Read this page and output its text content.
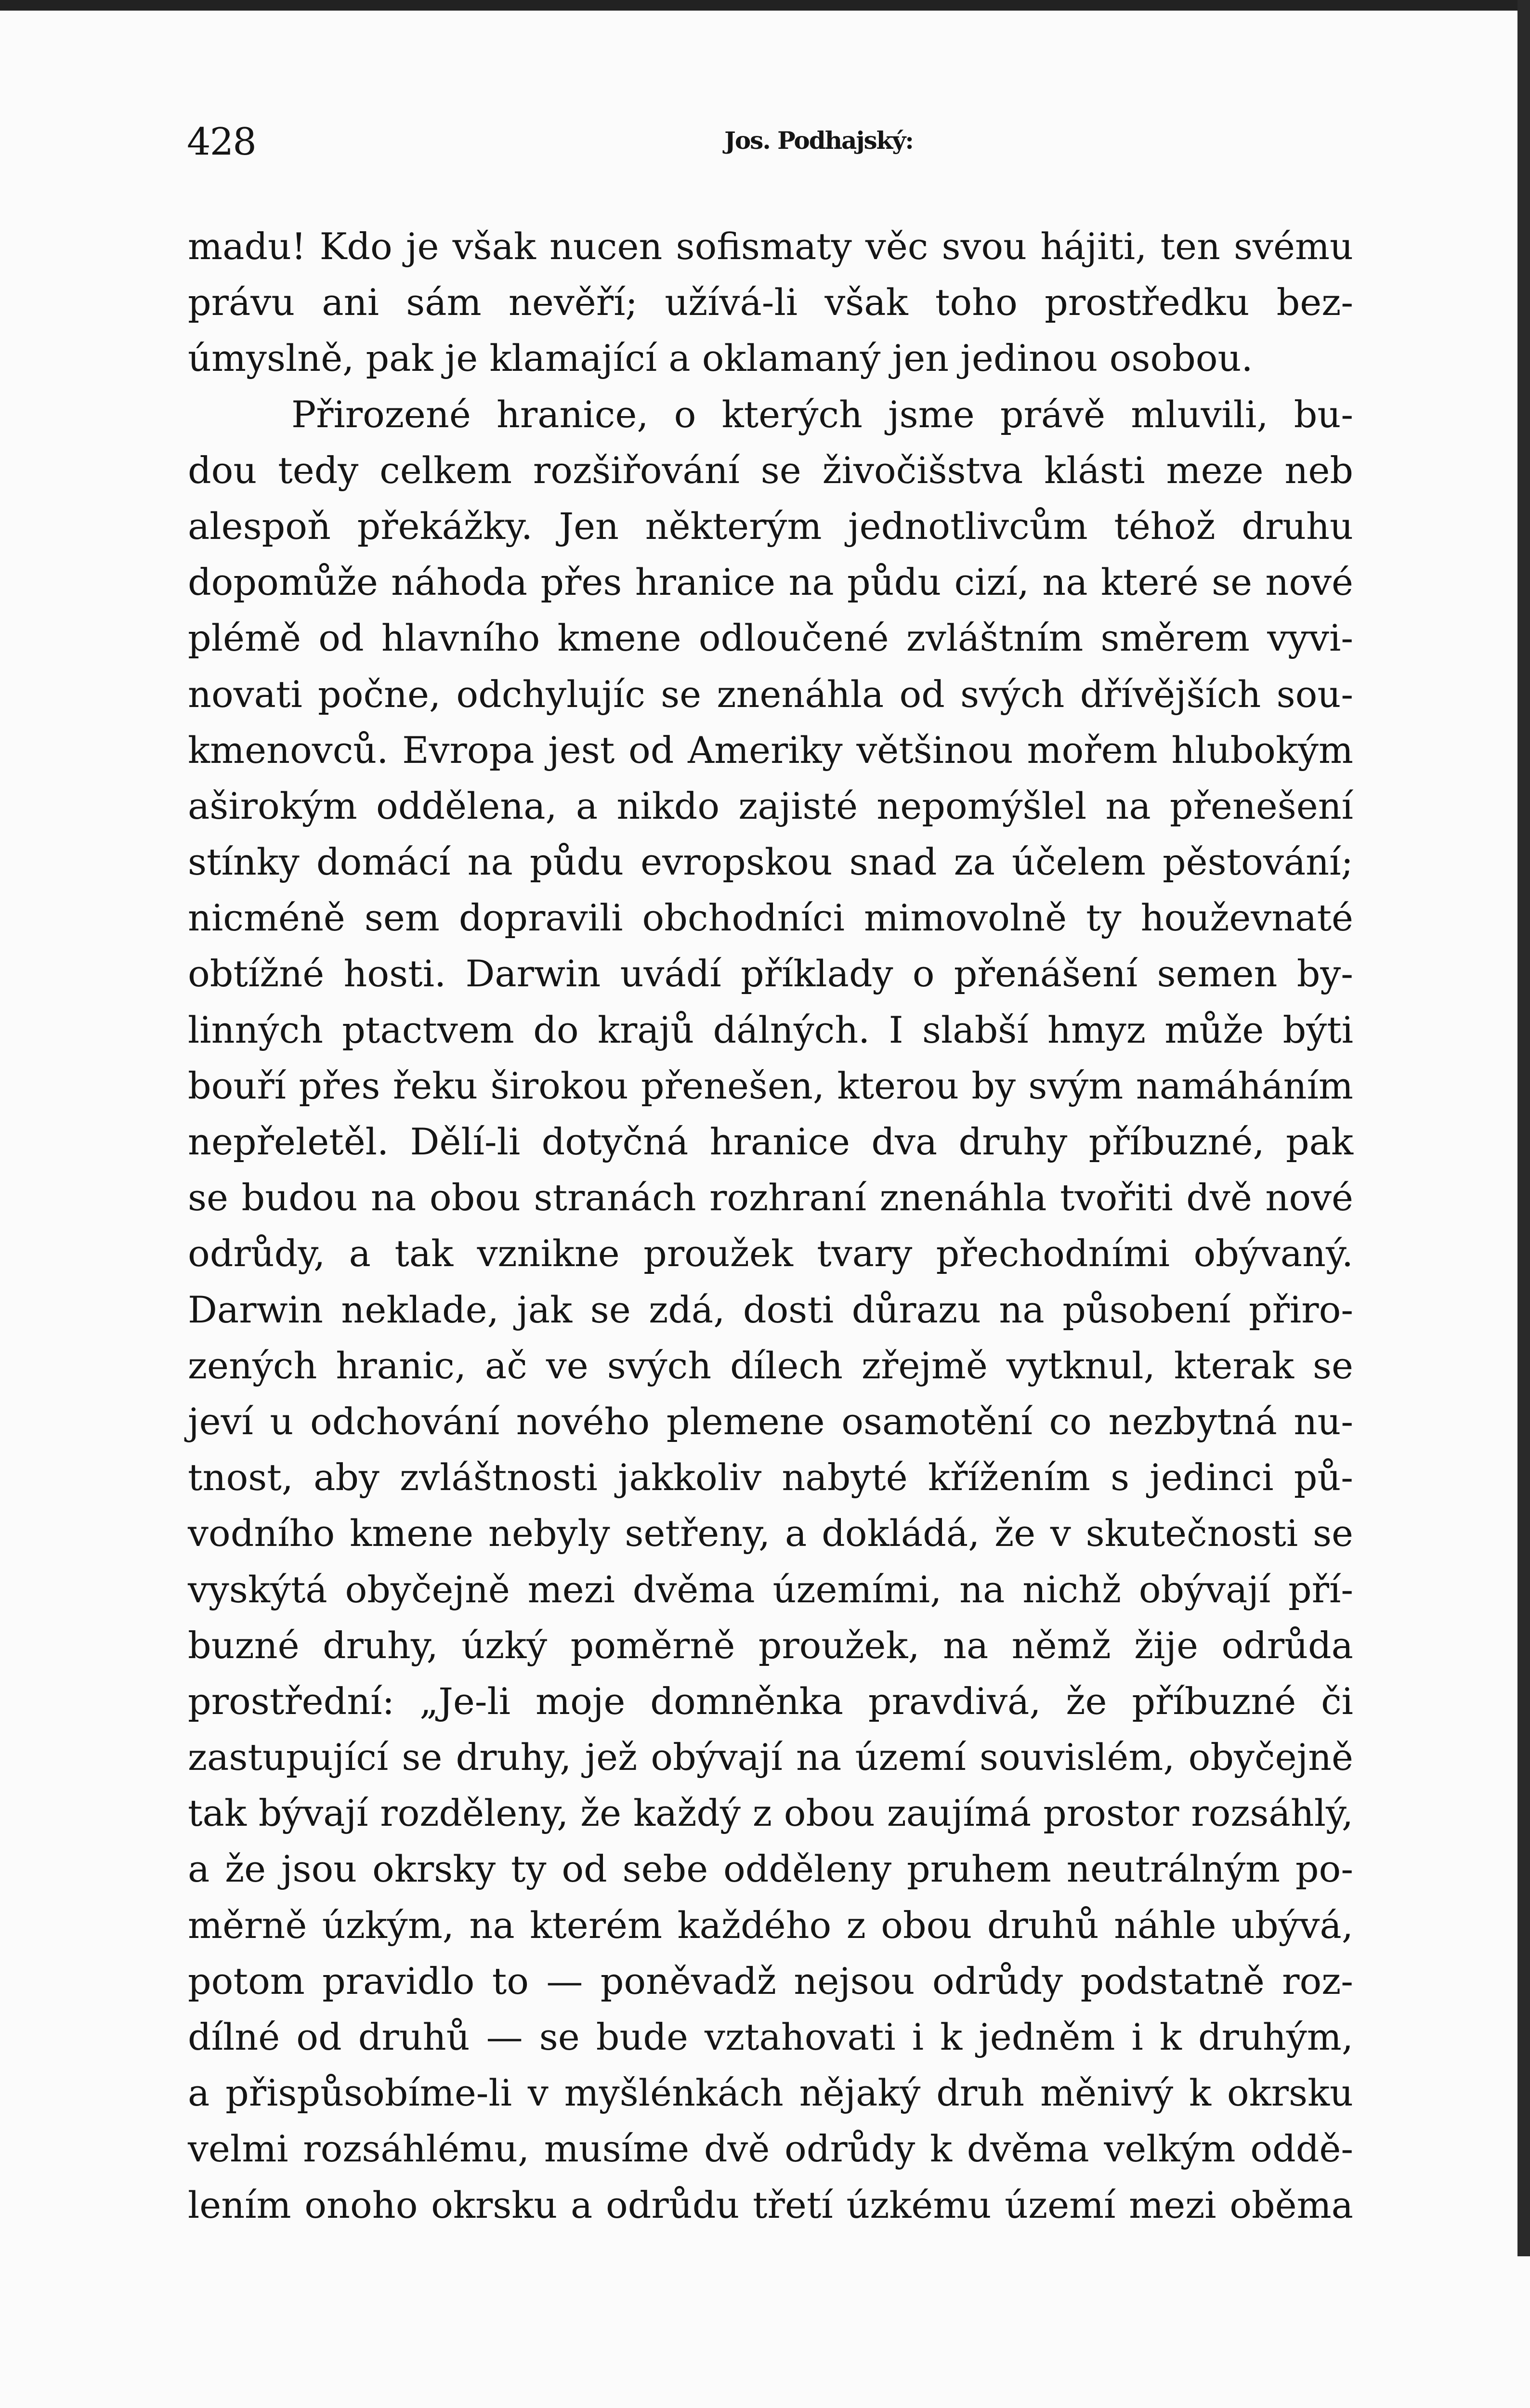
428	Jos. Podhajský:
madu! Kdo je však nucen sofismaty věc svou hájiti, ten svému
právu ani sám nevěří; užívá-li však toho prostředku bez-
úmyslně, pak je klamající a oklamaný jen jedinou osobou.
Přirozené hranice, o kterých jsme právě mluvili, bu-
dou tedy celkem rozšiřování se živočišstva klásti meze neb
alespoň překážky. Jen některým jednotlivcům téhož druhu
dopomůže náhoda přes hranice na půdu cizí, na které se nové
plémě od hlavního kmene odloučené zvláštním směrem vyvi-
novati počne, odchylujíc se znenáhla od svých dřívějších sou-
kmenovců. Evropa jest od Ameriky většinou mořem hlubokým
aširokým oddělena, a nikdo zajisté nepomýšlel na přenešení
stínky domácí na půdu evropskou snad za účelem pěstování;
nicméně sem dopravili obchodníci mimovolně ty houževnaté
obtížné hosti. Darwin uvádí příklady o přenášení semen by-
linných ptactvem do krajů dálných. I slabší hmyz může býti
bouří přes řeku širokou přenešen, kterou by svým namáháním
nepřeletěl. Dělí-li dotyčná hranice dva druhy příbuzné, pak
se budou na obou stranách rozhraní znenáhla tvořiti dvě nové
odrůdy, a tak vznikne proužek tvary přechodními obývaný.
Darwin neklade, jak se zdá, dosti důrazu na působení přiro-
zených hranic, ač ve svých dílech zřejmě vytknul, kterak se
jeví u odchování nového plemene osamotění co nezbytná nu-
tnost, aby zvláštnosti jakkoliv nabyté křížením s jedinci pů-
vodního kmene nebyly setřeny, a dokládá, že v skutečnosti se
vyskýtá obyčejně mezi dvěma územími, na nichž obývají pří-
buzné druhy, úzký poměrně proužek, na němž žije odrůda
prostřední: „Je-li moje domněnka pravdivá, že příbuzné či
zastupující se druhy, jež obývají na území souvislém, obyčejně
tak bývají rozděleny, že každý z obou zaujímá prostor rozsáhlý,
a že jsou okrsky ty od sebe odděleny pruhem neutrálným po-
měrně úzkým, na kterém každého z obou druhů náhle ubývá,
potom pravidlo to — poněvadž nejsou odrůdy podstatně roz-
dílné od druhů — se bude vztahovati i k jedněm i k druhým,
a přispůsobíme-li v myšlénkách nějaký druh měnivý k okrsku
velmi rozsáhlému, musíme dvě odrůdy k dvěma velkým oddě-
lením onoho okrsku a odrůdu třetí úzkému území mezi oběma
